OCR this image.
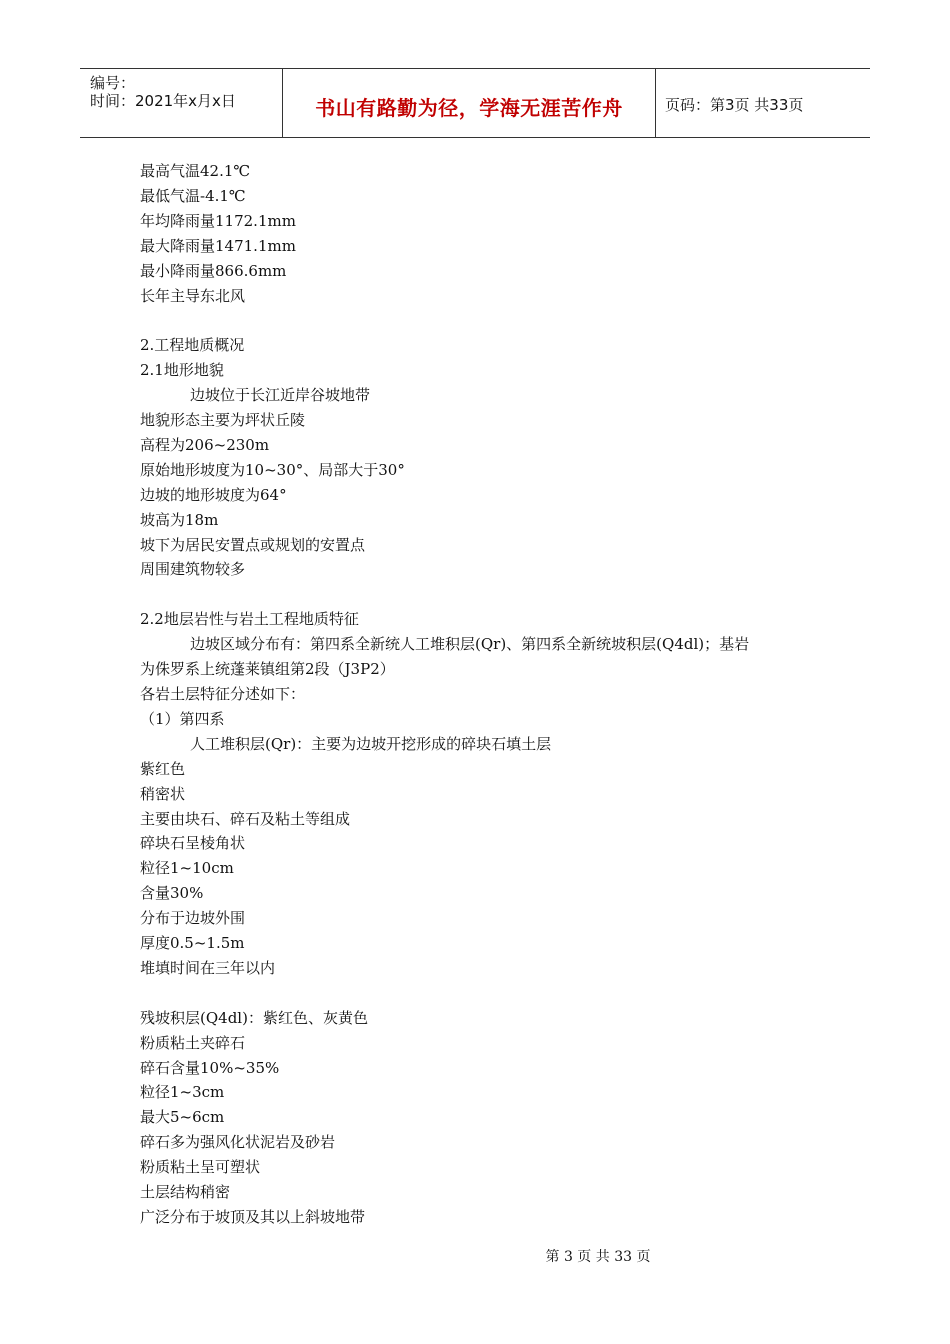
编号：
时间：2021年x月x日	书山有路勤为径，学海无涯苦作舟	页码：第3页 共33页
最高气温42.1℃
最低气温-4.1℃
年均降雨量1172.1mm
最大降雨量1471.1mm
最小降雨量866.6mm
长年主导东北风
2.工程地质概况
2.1地形地貌
边坡位于长江近岸谷坡地带
地貌形态主要为坪状丘陵
高程为206~230m
原始地形坡度为10~30°、局部大于30°
边坡的地形坡度为64°
坡高为18m
坡下为居民安置点或规划的安置点
周围建筑物较多
2.2地层岩性与岩土工程地质特征
边坡区域分布有：第四系全新统人工堆积层(Qr)、第四系全新统坡积层(Q4dl)；基岩
为侏罗系上统蓬莱镇组第2段（J3P2）
各岩土层特征分述如下：
（1）第四系
人工堆积层(Qr)：主要为边坡开挖形成的碎块石填土层
紫红色
稍密状
主要由块石、碎石及粘土等组成
碎块石呈棱角状
粒径1~10cm
含量30%
分布于边坡外围
厚度0.5~1.5m
堆填时间在三年以内
残坡积层(Q4dl)：紫红色、灰黄色
粉质粘土夹碎石
碎石含量10%~35%
粒径1~3cm
最大5~6cm
碎石多为强风化状泥岩及砂岩
粉质粘土呈可塑状
土层结构稍密
广泛分布于坡顶及其以上斜坡地带
第 3 页 共 33 页
